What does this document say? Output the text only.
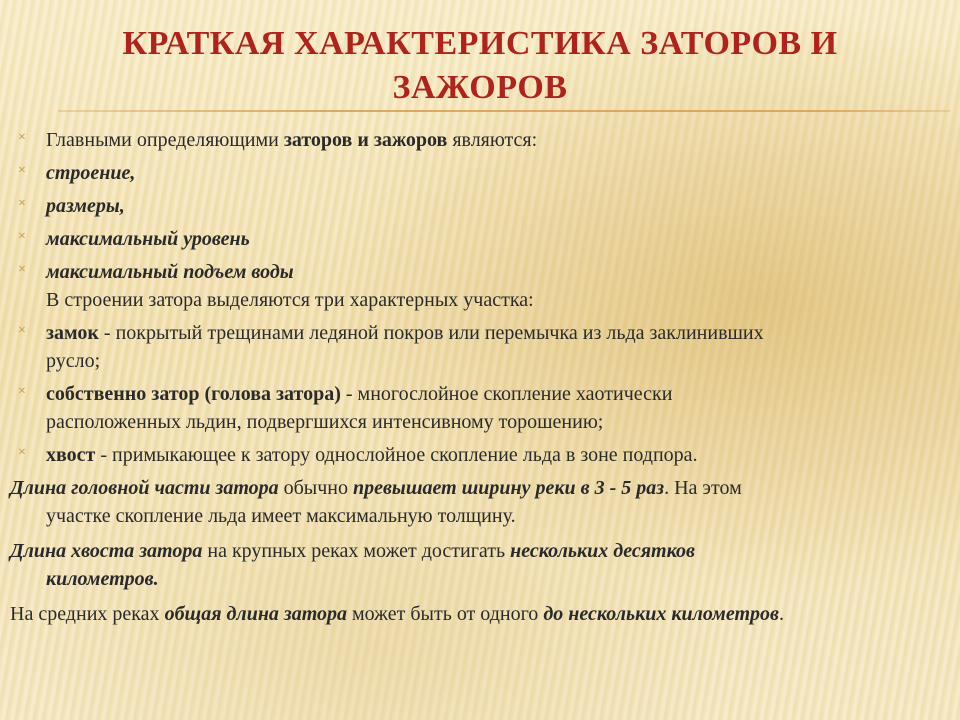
КРАТКАЯ ХАРАКТЕРИСТИКА ЗАТОРОВ И
ЗАЖОРОВ

× Главными определяющими заторов и зажоров являются:

× строение,

× размеры,

× максимальный уровень

× максимальный подъем воды

В строении затора выделяются три характерных участка:

× замок - покрытый трещинами ледяной покров или перемычка из льда заклинивших
русло;

× собственно затор (голова затора) - многослойное скопление хаотически
расположенных льдин, подвергшихся интенсивному торошению;

× хвост - примыкающее к затору однослойное скопление льда в зоне подпора.

Длина головной части затора обычно превышает ширину реки в 3 - 5 раз. На этом
участке скопление льда имеет максимальную толщину.

Длина хвоста затора на крупных реках может достигать нескольких десятков
километров.

На средних реках общая длина затора может быть от одного до нескольких километров.
